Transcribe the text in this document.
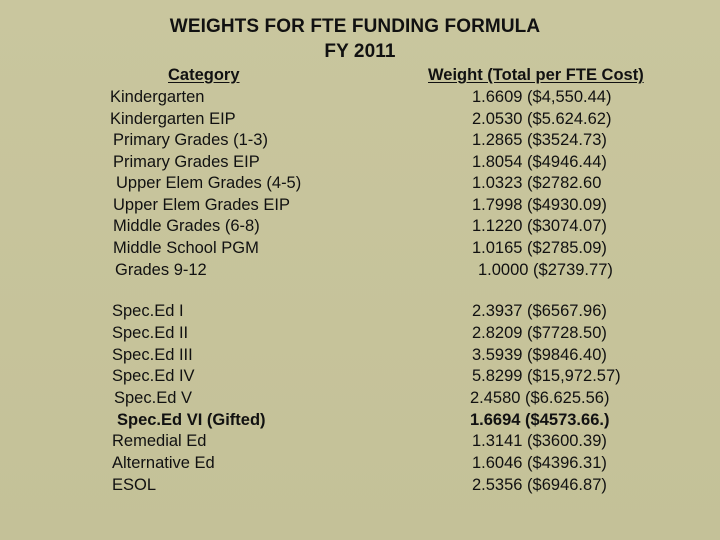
WEIGHTS FOR FTE FUNDING FORMULA
FY 2011
Category	Weight (Total per FTE Cost)
Kindergarten	1.6609 ($4,550.44)
Kindergarten EIP	2.0530 ($5.624.62)
Primary Grades (1-3)	1.2865 ($3524.73)
Primary Grades EIP	1.8054 ($4946.44)
Upper Elem Grades (4-5)	1.0323 ($2782.60
Upper Elem Grades EIP	1.7998 ($4930.09)
Middle Grades (6-8)	1.1220 ($3074.07)
Middle School PGM	1.0165 ($2785.09)
Grades 9-12	1.0000 ($2739.77)
Spec.Ed I	2.3937 ($6567.96)
Spec.Ed II	2.8209 ($7728.50)
Spec.Ed III	3.5939 ($9846.40)
Spec.Ed IV	5.8299 ($15,972.57)
Spec.Ed V	2.4580 ($6.625.56)
Spec.Ed VI (Gifted)	1.6694 ($4573.66.)
Remedial Ed	1.3141 ($3600.39)
Alternative Ed	1.6046 ($4396.31)
ESOL	2.5356 ($6946.87)
